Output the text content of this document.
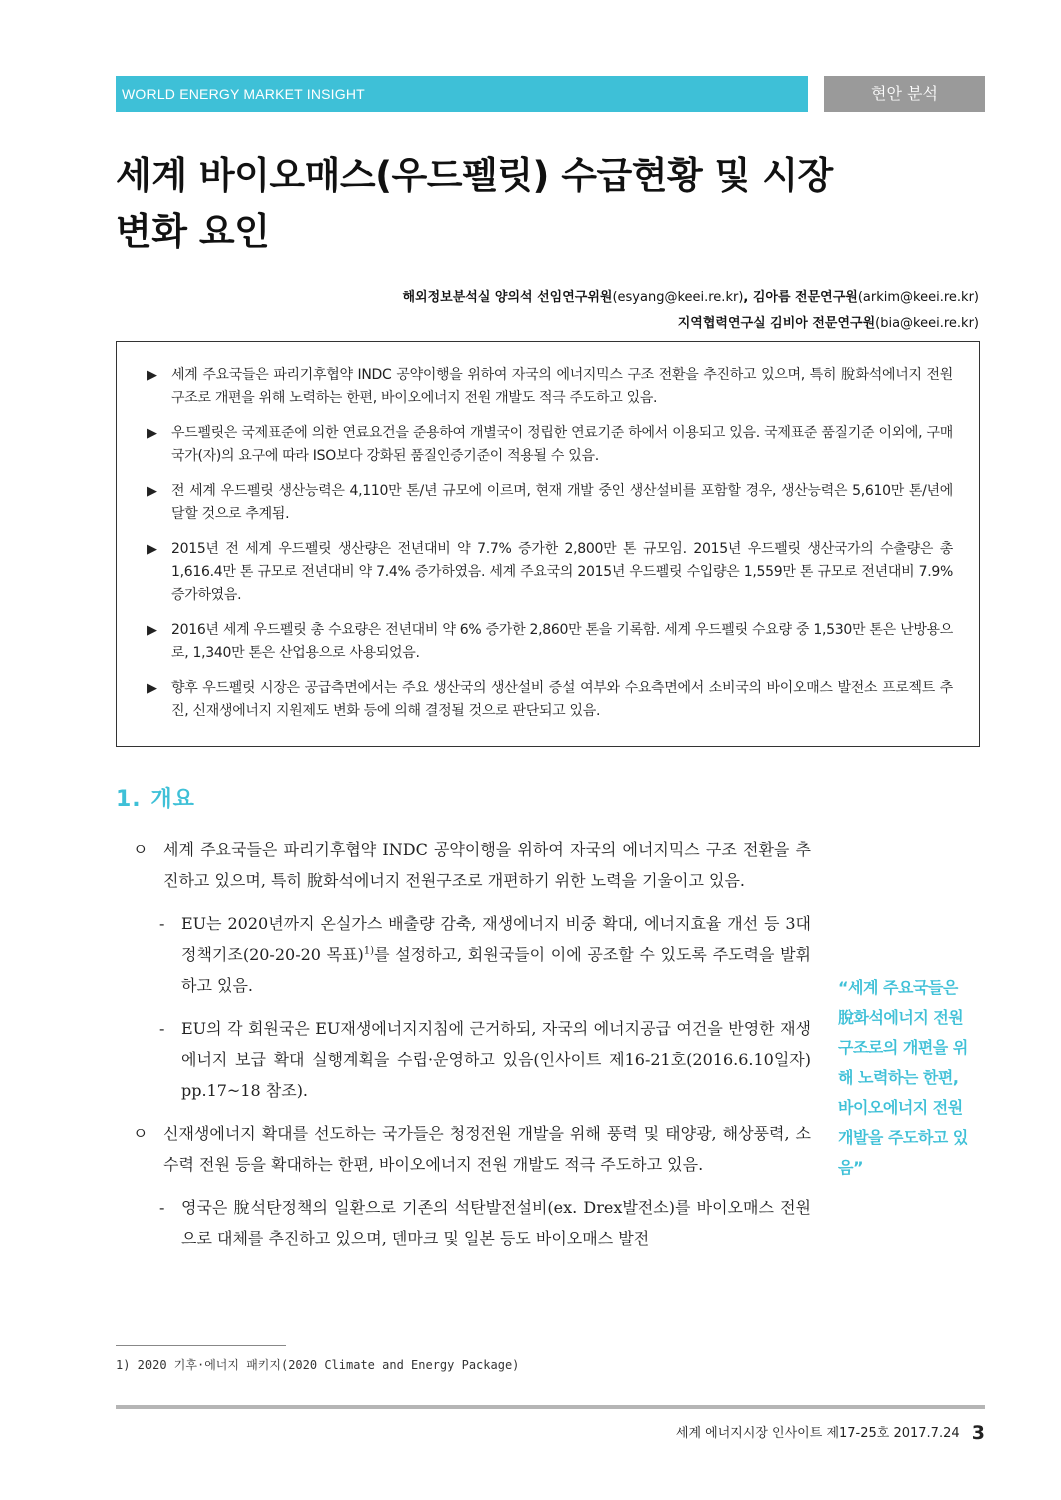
WORLD ENERGY MARKET INSIGHT	현안 분석
세계 바이오매스(우드펠릿) 수급현황 및 시장
변화 요인
해외정보분석실 양의석 선임연구위원(esyang@keei.re.kr), 김아름 전문연구원(arkim@keei.re.kr)
지역협력연구실 김비아 전문연구원(bia@keei.re.kr)
▶ 세계 주요국들은 파리기후협약 INDC 공약이행을 위하여 자국의 에너지믹스 구조 전환을 추진하고 있으며, 특히 脫화석에너지 전원구조로 개편을 위해 노력하는 한편, 바이오에너지 전원 개발도 적극 주도하고 있음.
▶ 우드펠릿은 국제표준에 의한 연료요건을 준용하여 개별국이 정립한 연료기준 하에서 이용되고 있음. 국제표준 품질기준 이외에, 구매국가(자)의 요구에 따라 ISO보다 강화된 품질인증기준이 적용될 수 있음.
▶ 전 세계 우드펠릿 생산능력은 4,110만 톤/년 규모에 이르며, 현재 개발 중인 생산설비를 포함할 경우, 생산능력은 5,610만 톤/년에 달할 것으로 추계됨.
▶ 2015년 전 세계 우드펠릿 생산량은 전년대비 약 7.7% 증가한 2,800만 톤 규모임. 2015년 우드펠릿 생산국가의 수출량은 총 1,616.4만 톤 규모로 전년대비 약 7.4% 증가하였음. 세계 주요국의 2015년 우드펠릿 수입량은 1,559만 톤 규모로 전년대비 7.9% 증가하였음.
▶ 2016년 세계 우드펠릿 총 수요량은 전년대비 약 6% 증가한 2,860만 톤을 기록함. 세계 우드펠릿 수요량 중 1,530만 톤은 난방용으로, 1,340만 톤은 산업용으로 사용되었음.
▶ 향후 우드펠릿 시장은 공급측면에서는 주요 생산국의 생산설비 증설 여부와 수요측면에서 소비국의 바이오매스 발전소 프로젝트 추진, 신재생에너지 지원제도 변화 등에 의해 결정될 것으로 판단되고 있음.
1. 개요
ㅇ 세계 주요국들은 파리기후협약 INDC 공약이행을 위하여 자국의 에너지믹스 구조 전환을 추진하고 있으며, 특히 脫화석에너지 전원구조로 개편하기 위한 노력을 기울이고 있음.
- EU는 2020년까지 온실가스 배출량 감축, 재생에너지 비중 확대, 에너지효율 개선 등 3대 정책기조(20-20-20 목표)$^{1)}$를 설정하고, 회원국들이 이에 공조할 수 있도록 주도력을 발휘하고 있음.
- EU의 각 회원국은 EU재생에너지지침에 근거하되, 자국의 에너지공급 여건을 반영한 재생에너지 보급 확대 실행계획을 수립·운영하고 있음(인사이트 제16-21호(2016.6.10일자) pp.17~18 참조).
ㅇ 신재생에너지 확대를 선도하는 국가들은 청정전원 개발을 위해 풍력 및 태양광, 해상풍력, 소수력 전원 등을 확대하는 한편, 바이오에너지 전원 개발도 적극 주도하고 있음.
- 영국은 脫석탄정책의 일환으로 기존의 석탄발전설비(ex. Drex발전소)를 바이오매스 전원으로 대체를 추진하고 있으며, 덴마크 및 일본 등도 바이오매스 발전
“세계 주요국들은 脫화석에너지 전원구조로의 개편을 위해 노력하는 한편, 바이오에너지 전원 개발을 주도하고 있음”
1) 2020 기후·에너지 패키지(2020 Climate and Energy Package)
세계 에너지시장 인사이트 제17-25호 2017.7.24 3
